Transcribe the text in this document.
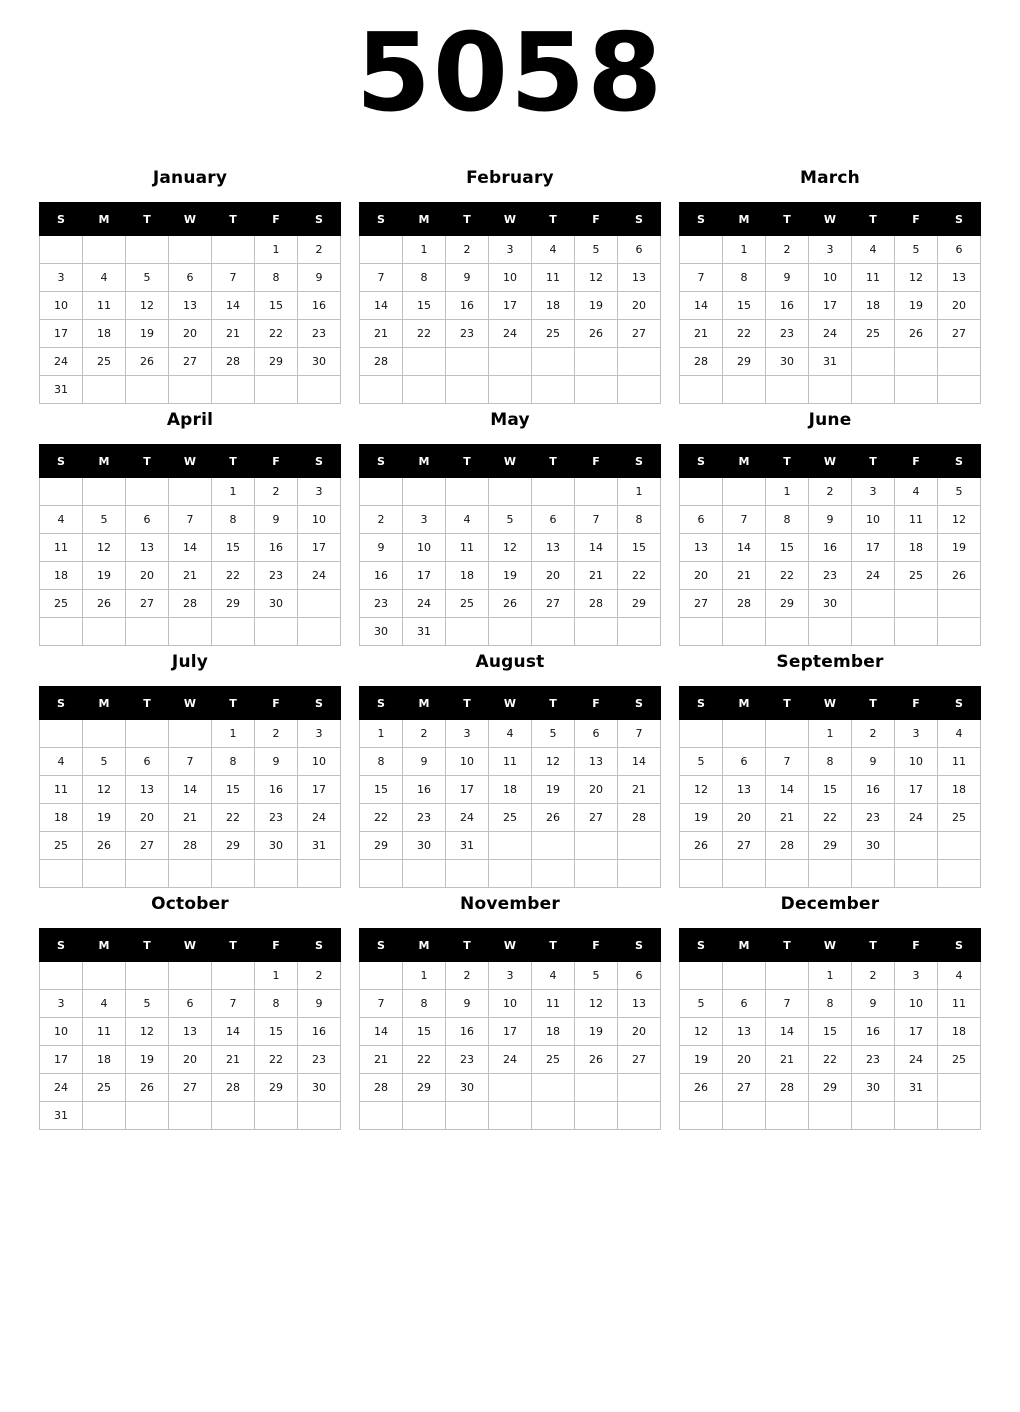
5058
January
S	M	T	W	T	F	S
					1	2
3	4	5	6	7	8	9
10	11	12	13	14	15	16
17	18	19	20	21	22	23
24	25	26	27	28	29	30
31						
February
S	M	T	W	T	F	S
	1	2	3	4	5	6
7	8	9	10	11	12	13
14	15	16	17	18	19	20
21	22	23	24	25	26	27
28						

March
S	M	T	W	T	F	S
	1	2	3	4	5	6
7	8	9	10	11	12	13
14	15	16	17	18	19	20
21	22	23	24	25	26	27
28	29	30	31			

April
S	M	T	W	T	F	S
				1	2	3
4	5	6	7	8	9	10
11	12	13	14	15	16	17
18	19	20	21	22	23	24
25	26	27	28	29	30	

May
S	M	T	W	T	F	S
						1
2	3	4	5	6	7	8
9	10	11	12	13	14	15
16	17	18	19	20	21	22
23	24	25	26	27	28	29
30	31					
June
S	M	T	W	T	F	S
		1	2	3	4	5
6	7	8	9	10	11	12
13	14	15	16	17	18	19
20	21	22	23	24	25	26
27	28	29	30			

July
S	M	T	W	T	F	S
				1	2	3
4	5	6	7	8	9	10
11	12	13	14	15	16	17
18	19	20	21	22	23	24
25	26	27	28	29	30	31

August
S	M	T	W	T	F	S
1	2	3	4	5	6	7
8	9	10	11	12	13	14
15	16	17	18	19	20	21
22	23	24	25	26	27	28
29	30	31				

September
S	M	T	W	T	F	S
			1	2	3	4
5	6	7	8	9	10	11
12	13	14	15	16	17	18
19	20	21	22	23	24	25
26	27	28	29	30		

October
S	M	T	W	T	F	S
					1	2
3	4	5	6	7	8	9
10	11	12	13	14	15	16
17	18	19	20	21	22	23
24	25	26	27	28	29	30
31						
November
S	M	T	W	T	F	S
	1	2	3	4	5	6
7	8	9	10	11	12	13
14	15	16	17	18	19	20
21	22	23	24	25	26	27
28	29	30				

December
S	M	T	W	T	F	S
			1	2	3	4
5	6	7	8	9	10	11
12	13	14	15	16	17	18
19	20	21	22	23	24	25
26	27	28	29	30	31	
